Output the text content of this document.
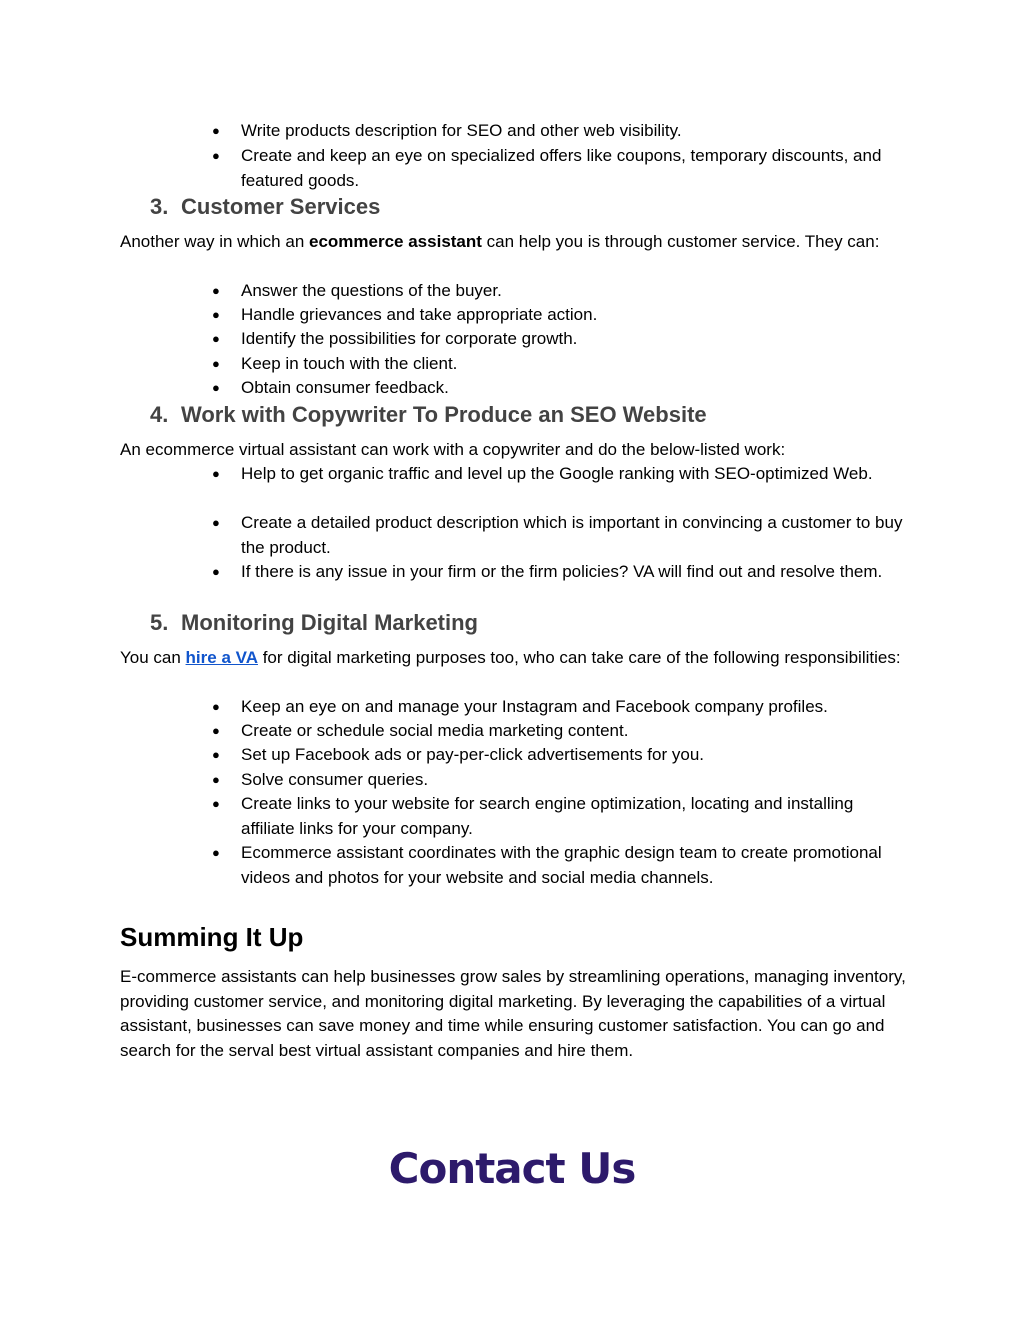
● Write products description for SEO and other web visibility.
● Create and keep an eye on specialized offers like coupons, temporary discounts, and featured goods.
3. Customer Services
Another way in which an ecommerce assistant can help you is through customer service. They can:
● Answer the questions of the buyer.
● Handle grievances and take appropriate action.
● Identify the possibilities for corporate growth.
● Keep in touch with the client.
● Obtain consumer feedback.
4. Work with Copywriter To Produce an SEO Website
An ecommerce virtual assistant can work with a copywriter and do the below-listed work:
● Help to get organic traffic and level up the Google ranking with SEO-optimized Web.
● Create a detailed product description which is important in convincing a customer to buy the product.
● If there is any issue in your firm or the firm policies? VA will find out and resolve them.
5. Monitoring Digital Marketing
You can hire a VA for digital marketing purposes too, who can take care of the following responsibilities:
● Keep an eye on and manage your Instagram and Facebook company profiles.
● Create or schedule social media marketing content.
● Set up Facebook ads or pay-per-click advertisements for you.
● Solve consumer queries.
● Create links to your website for search engine optimization, locating and installing affiliate links for your company.
● Ecommerce assistant coordinates with the graphic design team to create promotional videos and photos for your website and social media channels.
Summing It Up
E-commerce assistants can help businesses grow sales by streamlining operations, managing inventory, providing customer service, and monitoring digital marketing. By leveraging the capabilities of a virtual assistant, businesses can save money and time while ensuring customer satisfaction. You can go and search for the serval best virtual assistant companies and hire them.
Contact Us
